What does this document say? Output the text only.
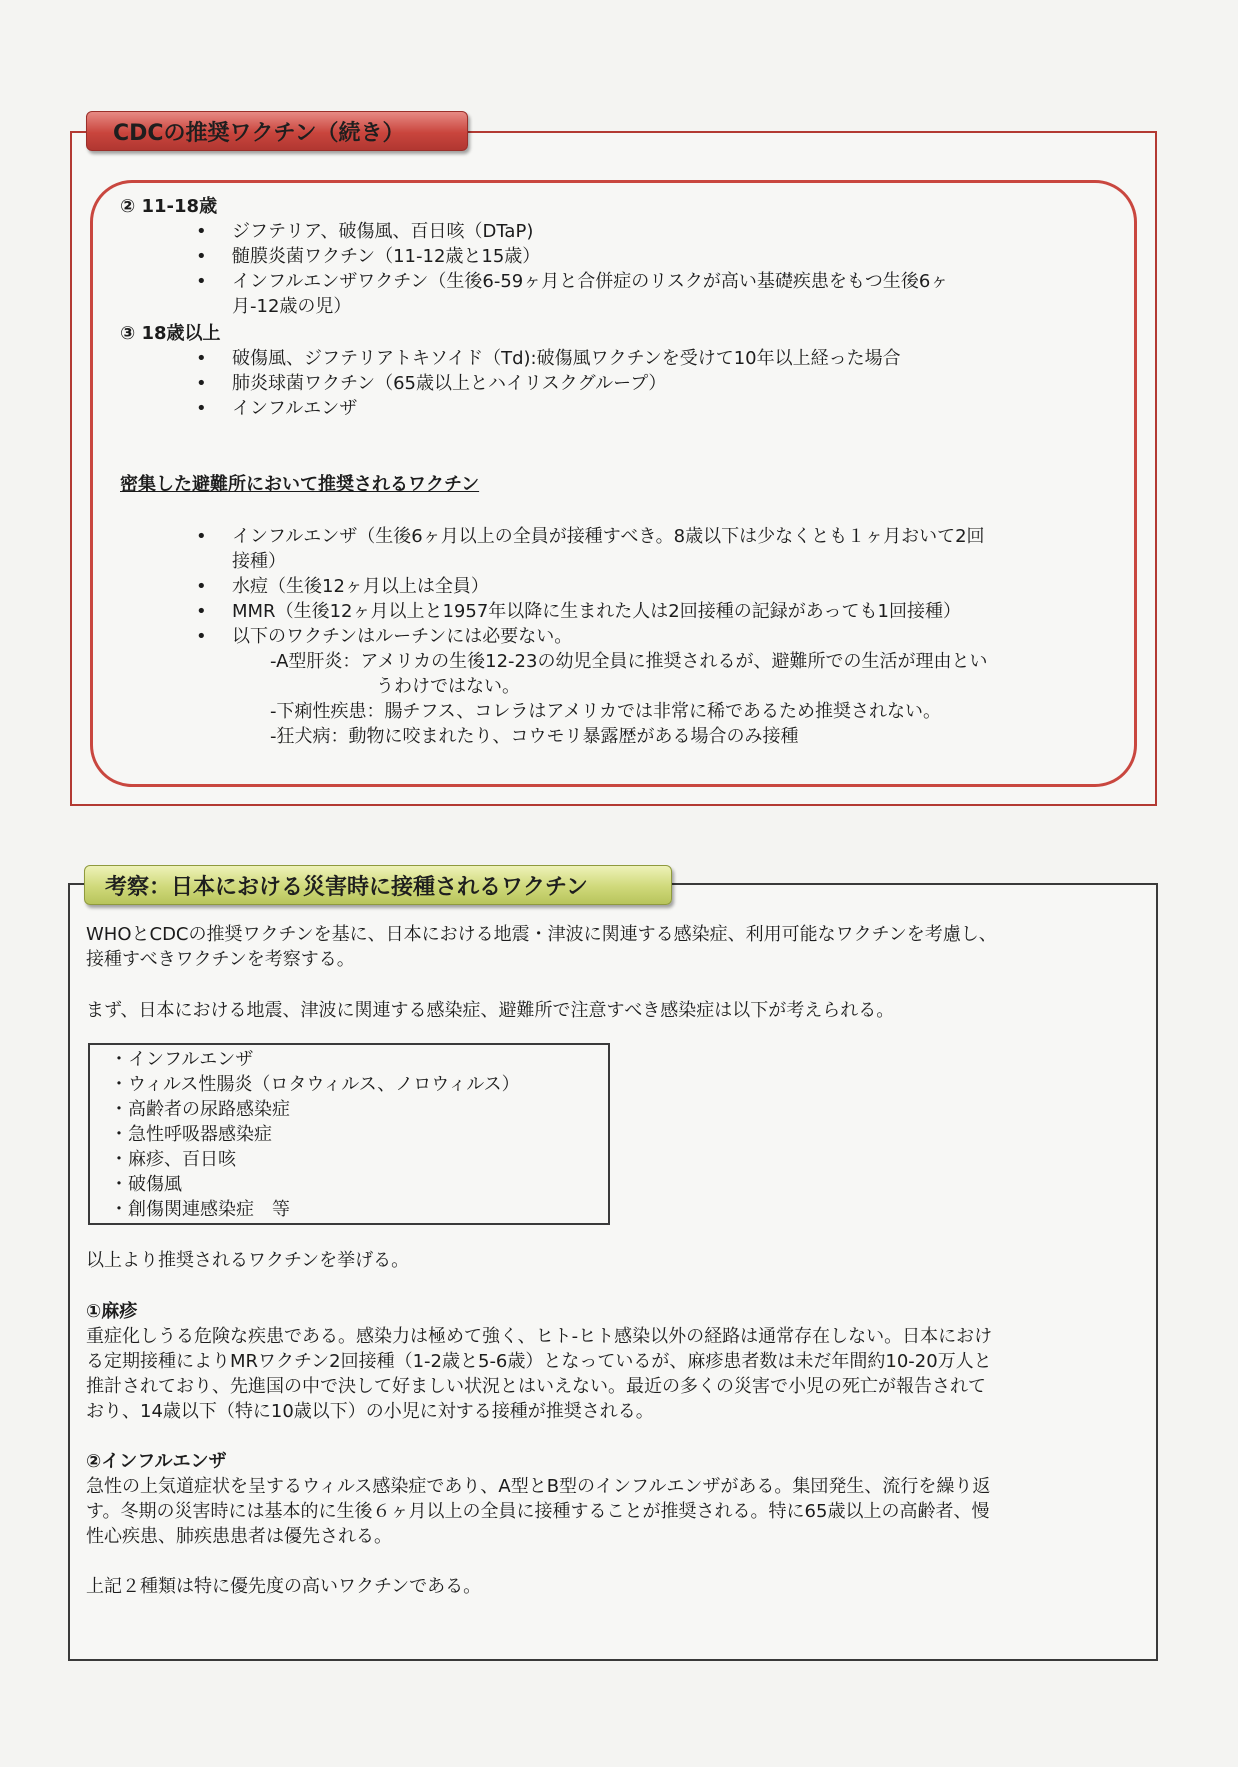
CDCの推奨ワクチン（続き）
② 11-18歳
• ジフテリア、破傷風、百日咳（DTaP)
• 髄膜炎菌ワクチン（11-12歳と15歳）
• インフルエンザワクチン（生後6-59ヶ月と合併症のリスクが高い基礎疾患をもつ生後6ヶ
月-12歳の児）
③ 18歳以上
• 破傷風、ジフテリアトキソイド（Td):破傷風ワクチンを受けて10年以上経った場合
• 肺炎球菌ワクチン（65歳以上とハイリスクグループ）
• インフルエンザ
密集した避難所において推奨されるワクチン
• インフルエンザ（生後6ヶ月以上の全員が接種すべき。8歳以下は少なくとも１ヶ月おいて2回
接種）
• 水痘（生後12ヶ月以上は全員）
• MMR（生後12ヶ月以上と1957年以降に生まれた人は2回接種の記録があっても1回接種）
• 以下のワクチンはルーチンには必要ない。
-A型肝炎：アメリカの生後12-23の幼児全員に推奨されるが、避難所での生活が理由とい
うわけではない。
-下痢性疾患：腸チフス、コレラはアメリカでは非常に稀であるため推奨されない。
-狂犬病：動物に咬まれたり、コウモリ暴露歴がある場合のみ接種
考察：日本における災害時に接種されるワクチン
WHOとCDCの推奨ワクチンを基に、日本における地震・津波に関連する感染症、利用可能なワクチンを考慮し、
接種すべきワクチンを考察する。
まず、日本における地震、津波に関連する感染症、避難所で注意すべき感染症は以下が考えられる。
・インフルエンザ
・ウィルス性腸炎（ロタウィルス、ノロウィルス）
・高齢者の尿路感染症
・急性呼吸器感染症
・麻疹、百日咳
・破傷風
・創傷関連感染症　等
以上より推奨されるワクチンを挙げる。
①麻疹
重症化しうる危険な疾患である。感染力は極めて強く、ヒト-ヒト感染以外の経路は通常存在しない。日本におけ
る定期接種によりMRワクチン2回接種（1-2歳と5-6歳）となっているが、麻疹患者数は未だ年間約10-20万人と
推計されており、先進国の中で決して好ましい状況とはいえない。最近の多くの災害で小児の死亡が報告されて
おり、14歳以下（特に10歳以下）の小児に対する接種が推奨される。
②インフルエンザ
急性の上気道症状を呈するウィルス感染症であり、A型とB型のインフルエンザがある。集団発生、流行を繰り返
す。冬期の災害時には基本的に生後６ヶ月以上の全員に接種することが推奨される。特に65歳以上の高齢者、慢
性心疾患、肺疾患患者は優先される。
上記２種類は特に優先度の高いワクチンである。
